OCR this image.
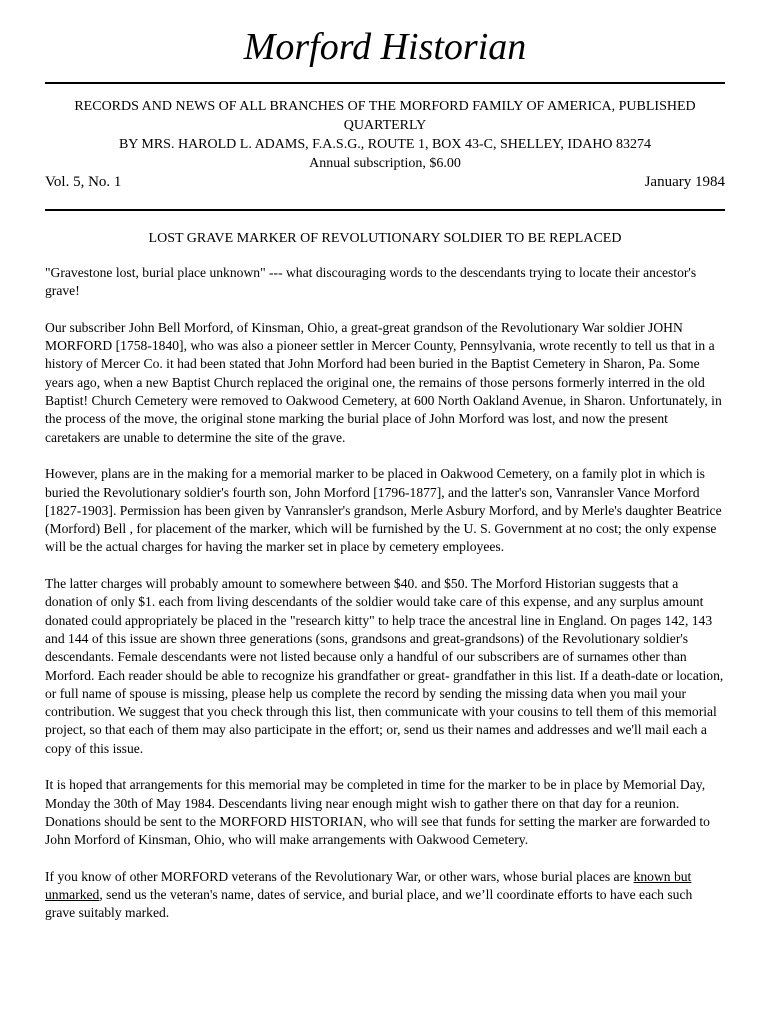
Morford Historian
RECORDS AND NEWS OF ALL BRANCHES OF THE MORFORD FAMILY OF AMERICA, PUBLISHED QUARTERLY
BY MRS. HAROLD L. ADAMS, F.A.S.G., ROUTE 1, BOX 43-C, SHELLEY, IDAHO 83274
Annual subscription, $6.00
Vol. 5, No. 1	January 1984
LOST GRAVE MARKER OF REVOLUTIONARY SOLDIER TO BE REPLACED

"Gravestone lost, burial place unknown" --- what discouraging words to the descendants trying to locate their ancestor's grave!

Our subscriber John Bell Morford, of Kinsman, Ohio, a great-great grandson of the Revolutionary War soldier JOHN MORFORD [1758-1840], who was also a pioneer settler in Mercer County, Pennsylvania, wrote recently to tell us that in a history of Mercer Co. it had been stated that John Morford had been buried in the Baptist Cemetery in Sharon, Pa. Some years ago, when a new Baptist Church replaced the original one, the remains of those persons formerly interred in the old Baptist! Church Cemetery were removed to Oakwood Cemetery, at 600 North Oakland Avenue, in Sharon. Unfortunately, in the process of the move, the original stone marking the burial place of John Morford was lost, and now the present caretakers are unable to determine the site of the grave.

However, plans are in the making for a memorial marker to be placed in Oakwood Cemetery, on a family plot in which is buried the Revolutionary soldier's fourth son, John Morford [1796-1877], and the latter's son, Vanransler Vance Morford [1827-1903]. Permission has been given by Vanransler's grandson, Merle Asbury Morford, and by Merle's daughter Beatrice (Morford) Bell , for placement of the marker, which will be furnished by the U. S. Government at no cost; the only expense will be the actual charges for having the marker set in place by cemetery employees.

The latter charges will probably amount to somewhere between $40. and $50. The Morford Historian suggests that a donation of only $1. each from living descendants of the soldier would take care of this expense, and any surplus amount donated could appropriately be placed in the "research kitty" to help trace the ancestral line in England. On pages 142, 143 and 144 of this issue are shown three generations (sons, grandsons and great-grandsons) of the Revolutionary soldier's descendants. Female descendants were not listed because only a handful of our subscribers are of surnames other than Morford. Each reader should be able to recognize his grandfather or great- grandfather in this list. If a death-date or location, or full name of spouse is missing, please help us complete the record by sending the missing data when you mail your contribution. We suggest that you check through this list, then communicate with your cousins to tell them of this memorial project, so that each of them may also participate in the effort; or, send us their names and addresses and we'll mail each a copy of this issue.

It is hoped that arrangements for this memorial may be completed in time for the marker to be in place by Memorial Day, Monday the 30th of May 1984. Descendants living near enough might wish to gather there on that day for a reunion. Donations should be sent to the MORFORD HISTORIAN, who will see that funds for setting the marker are forwarded to John Morford of Kinsman, Ohio, who will make arrangements with Oakwood Cemetery.

If you know of other MORFORD veterans of the Revolutionary War, or other wars, whose burial places are known but unmarked, send us the veteran's name, dates of service, and burial place, and we’ll coordinate efforts to have each such grave suitably marked.
